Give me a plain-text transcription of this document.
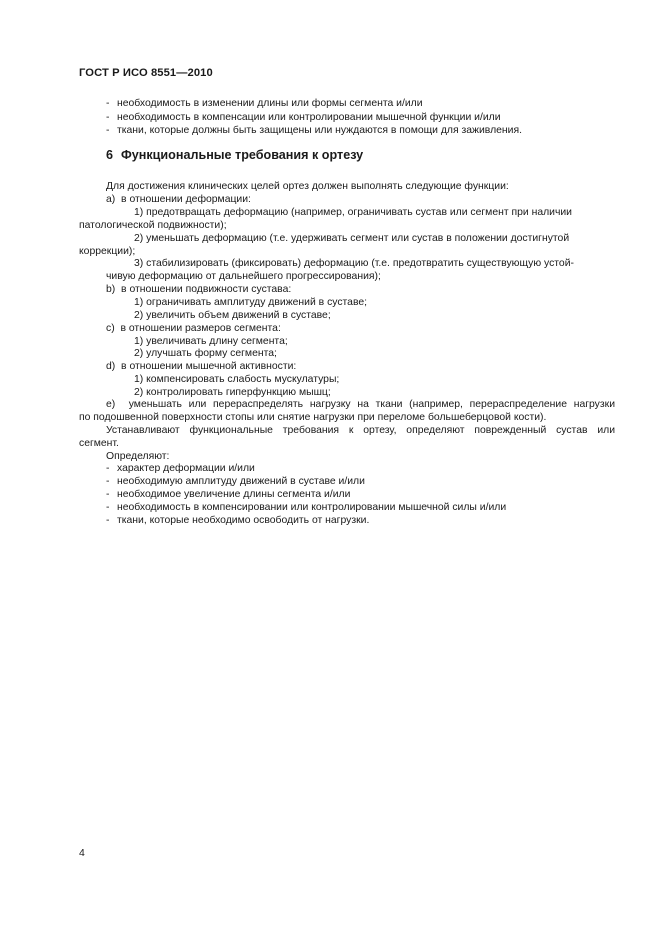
ГОСТ Р ИСО 8551—2010
- необходимость в изменении длины или формы сегмента и/или
- необходимость в компенсации или контролировании мышечной функции и/или
- ткани, которые должны быть защищены или нуждаются в помощи для заживления.
6 Функциональные требования к ортезу
Для достижения клинических целей ортез должен выполнять следующие функции:
a) в отношении деформации:
1) предотвращать деформацию (например, ограничивать сустав или сегмент при наличии
патологической подвижности);
2) уменьшать деформацию (т.е. удерживать сегмент или сустав в положении достигнутой
коррекции);
3) стабилизировать (фиксировать) деформацию (т.е. предотвратить существующую устой-
чивую деформацию от дальнейшего прогрессирования);
b) в отношении подвижности сустава:
1) ограничивать амплитуду движений в суставе;
2) увеличить объем движений в суставе;
c) в отношении размеров сегмента:
1) увеличивать длину сегмента;
2) улучшать форму сегмента;
d) в отношении мышечной активности:
1) компенсировать слабость мускулатуры;
2) контролировать гиперфункцию мышц;
e) уменьшать или перераспределять нагрузку на ткани (например, перераспределение нагрузки
по подошвенной поверхности стопы или снятие нагрузки при переломе большеберцовой кости).
Устанавливают функциональные требования к ортезу, определяют поврежденный сустав или
сегмент.
Определяют:
- характер деформации и/или
- необходимую амплитуду движений в суставе и/или
- необходимое увеличение длины сегмента и/или
- необходимость в компенсировании или контролировании мышечной силы и/или
- ткани, которые необходимо освободить от нагрузки.
4
